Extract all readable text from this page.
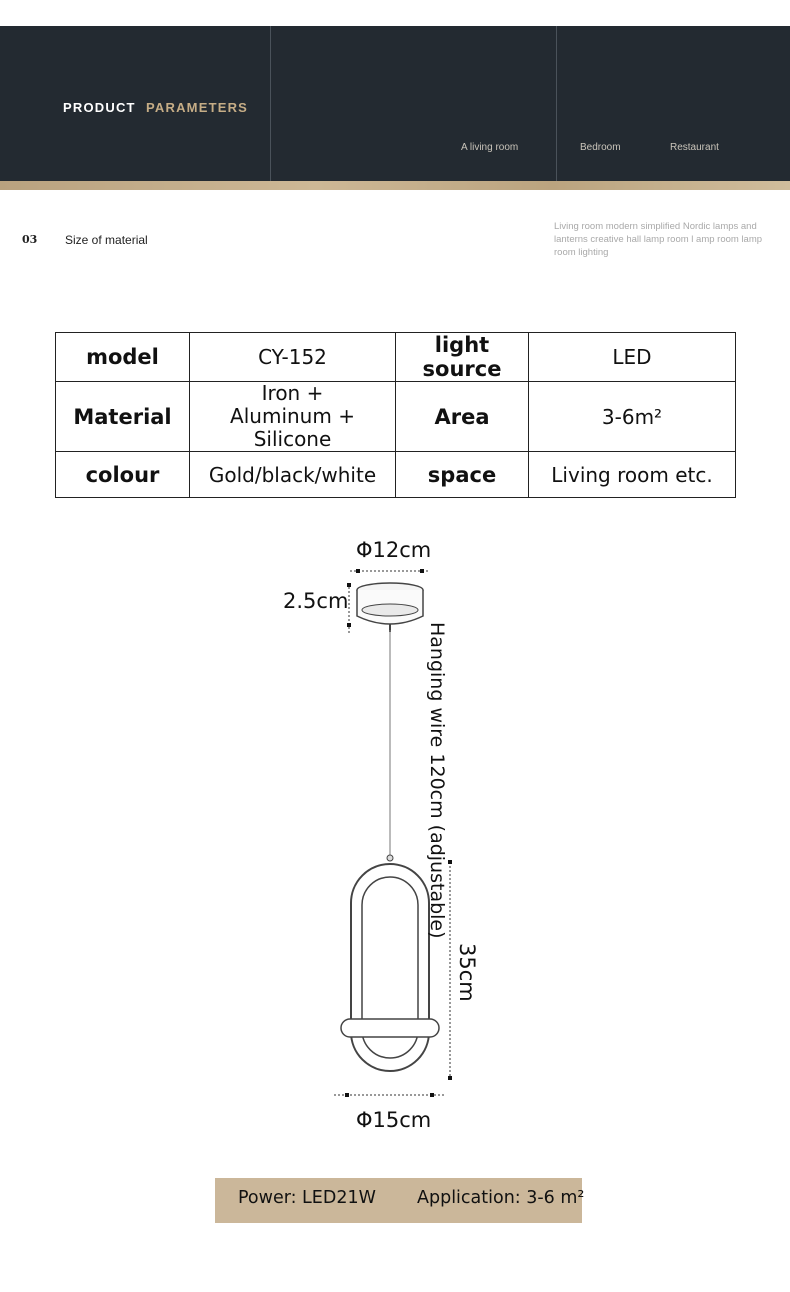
PRODUCT PARAMETERS
A living room	Bedroom	Restaurant
03 Size of material
Living room modern simplified Nordic lamps and lanterns creative hall lamp room l amp room lamp room lighting
model	CY-152	light source	LED
Material	Iron + Aluminum + Silicone	Area	3-6m²
colour	Gold/black/white	space	Living room etc.
Φ12cm
2.5cm
Hanging wire 120cm (adjustable)
35cm
Φ15cm
Power: LED21W Application: 3-6 m²
